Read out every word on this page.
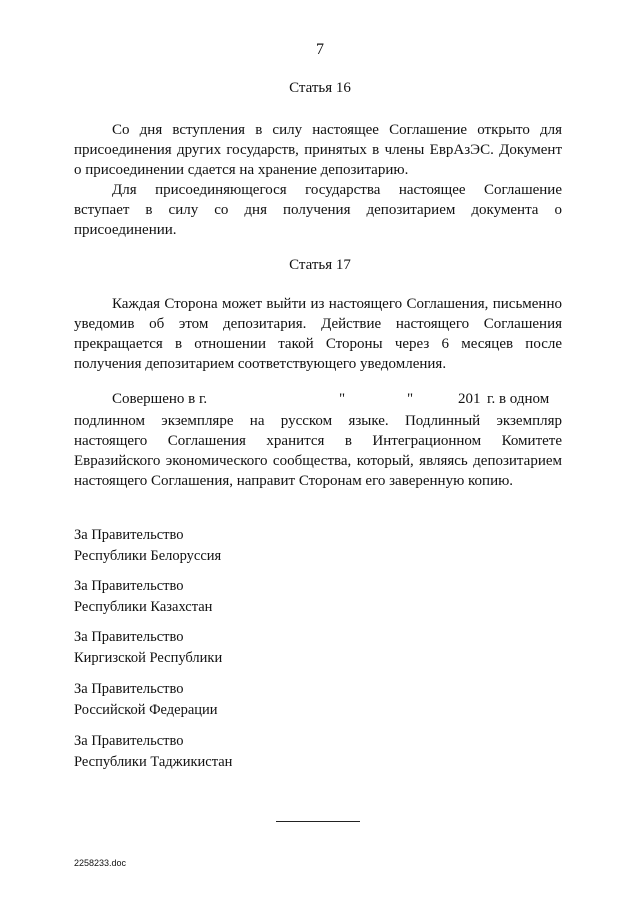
7
Статья 16
Со дня вступления в силу настоящее Соглашение открыто для присоединения других государств, принятых в члены ЕврАзЭС. Документ о присоединении сдается на хранение депозитарию.
Для присоединяющегося государства настоящее Соглашение вступает в силу со дня получения депозитарием документа о присоединении.
Статья 17
Каждая Сторона может выйти из настоящего Соглашения, письменно уведомив об этом депозитария. Действие настоящего Соглашения прекращается в отношении такой Стороны через 6 месяцев после получения депозитарием соответствующего уведомления.
Совершено в г.	"	"	201 г. в одном
подлинном экземпляре на русском языке. Подлинный экземпляр настоящего Соглашения хранится в Интеграционном Комитете Евразийского экономического сообщества, который, являясь депозитарием настоящего Соглашения, направит Сторонам его заверенную копию.
За Правительство
Республики Белоруссия
За Правительство
Республики Казахстан
За Правительство
Киргизской Республики
За Правительство
Российской Федерации
За Правительство
Республики Таджикистан
2258233.doc
